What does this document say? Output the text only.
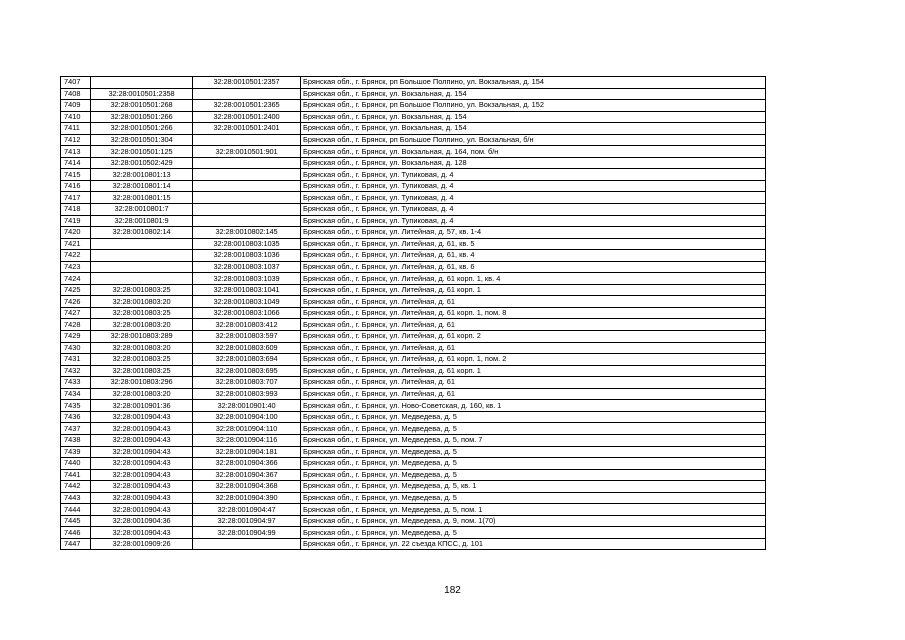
7407		32:28:0010501:2357	Брянская обл., г. Брянск, рп Большое Полпино, ул. Вокзальная, д. 154
7408	32:28:0010501:2358		Брянская обл., г. Брянск, ул. Вокзальная, д. 154
7409	32:28:0010501:268	32:28:0010501:2365	Брянская обл., г. Брянск, рп Большое Полпино, ул. Вокзальная, д. 152
7410	32:28:0010501:266	32:28:0010501:2400	Брянская обл., г. Брянск, ул. Вокзальная, д. 154
7411	32:28:0010501:266	32:28:0010501:2401	Брянская обл., г. Брянск, ул. Вокзальная, д. 154
7412	32:28:0010501:304		Брянская обл., г. Брянск, рп Большое Полпино, ул. Вокзальная, б/н
7413	32:28:0010501:125	32:28:0010501:901	Брянская обл., г. Брянск, ул. Вокзальная, д. 164, пом. б/н
7414	32:28:0010502:429		Брянская обл., г. Брянск, ул. Вокзальная, д. 128
7415	32:28:0010801:13		Брянская обл., г. Брянск, ул. Тупиковая, д. 4
7416	32:28:0010801:14		Брянская обл., г. Брянск, ул. Тупиковая, д. 4
7417	32:28:0010801:15		Брянская обл., г. Брянск, ул. Тупиковая, д. 4
7418	32:28:0010801:7		Брянская обл., г. Брянск, ул. Тупиковая, д. 4
7419	32:28:0010801:9		Брянская обл., г. Брянск, ул. Тупиковая, д. 4
7420	32:28:0010802:14	32:28:0010802:145	Брянская обл., г. Брянск, ул. Литейная, д. 57, кв. 1-4
7421		32:28:0010803:1035	Брянская обл., г. Брянск, ул. Литейная, д. 61, кв. 5
7422		32:28:0010803:1036	Брянская обл., г. Брянск, ул. Литейная, д. 61, кв. 4
7423		32:28:0010803:1037	Брянская обл., г. Брянск, ул. Литейная, д. 61, кв. 6
7424		32:28:0010803:1039	Брянская обл., г. Брянск, ул. Литейная, д. 61 корп. 1, кв. 4
7425	32:28:0010803:25	32:28:0010803:1041	Брянская обл., г. Брянск, ул. Литейная, д. 61 корп. 1
7426	32:28:0010803:20	32:28:0010803:1049	Брянская обл., г. Брянск, ул. Литейная, д. 61
7427	32:28:0010803:25	32:28:0010803:1066	Брянская обл., г. Брянск, ул. Литейная, д. 61 корп. 1, пом. 8
7428	32:28:0010803:20	32:28:0010803:412	Брянская обл., г. Брянск, ул. Литейная, д. 61
7429	32:28:0010803:289	32:28:0010803:597	Брянская обл., г. Брянск, ул. Литейная, д. 61 корп. 2
7430	32:28:0010803:20	32:28:0010803:609	Брянская обл., г. Брянск, ул. Литейная, д. 61
7431	32:28:0010803:25	32:28:0010803:694	Брянская обл., г. Брянск, ул. Литейная, д. 61 корп. 1, пом. 2
7432	32:28:0010803:25	32:28:0010803:695	Брянская обл., г. Брянск, ул. Литейная, д. 61 корп. 1
7433	32:28:0010803:296	32:28:0010803:707	Брянская обл., г. Брянск, ул. Литейная, д. 61
7434	32:28:0010803:20	32:28:0010803:993	Брянская обл., г. Брянск, ул. Литейная, д. 61
7435	32:28:0010901:36	32:28:0010901:40	Брянская обл., г. Брянск, ул. Ново-Советская, д. 160, кв. 1
7436	32:28:0010904:43	32:28:0010904:100	Брянская обл., г. Брянск, ул. Медведева, д. 5
7437	32:28:0010904:43	32:28:0010904:110	Брянская обл., г. Брянск, ул. Медведева, д. 5
7438	32:28:0010904:43	32:28:0010904:116	Брянская обл., г. Брянск, ул. Медведева, д. 5, пом. 7
7439	32:28:0010904:43	32:28:0010904:181	Брянская обл., г. Брянск, ул. Медведева, д. 5
7440	32:28:0010904:43	32:28:0010904:366	Брянская обл., г. Брянск, ул. Медведева, д. 5
7441	32:28:0010904:43	32:28:0010904:367	Брянская обл., г. Брянск, ул. Медведева, д. 5
7442	32:28:0010904:43	32:28:0010904:368	Брянская обл., г. Брянск, ул. Медведева, д. 5, кв. 1
7443	32:28:0010904:43	32:28:0010904:390	Брянская обл., г. Брянск, ул. Медведева, д. 5
7444	32:28:0010904:43	32:28:0010904:47	Брянская обл., г. Брянск, ул. Медведева, д. 5, пом. 1
7445	32:28:0010904:36	32:28:0010904:97	Брянская обл., г. Брянск, ул. Медведева, д. 9, пом. 1(70)
7446	32:28:0010904:43	32:28:0010904:99	Брянская обл., г. Брянск, ул. Медведева, д. 5
7447	32:28:0010909:26		Брянская обл., г. Брянск, ул. 22 съезда КПСС, д. 101
182
